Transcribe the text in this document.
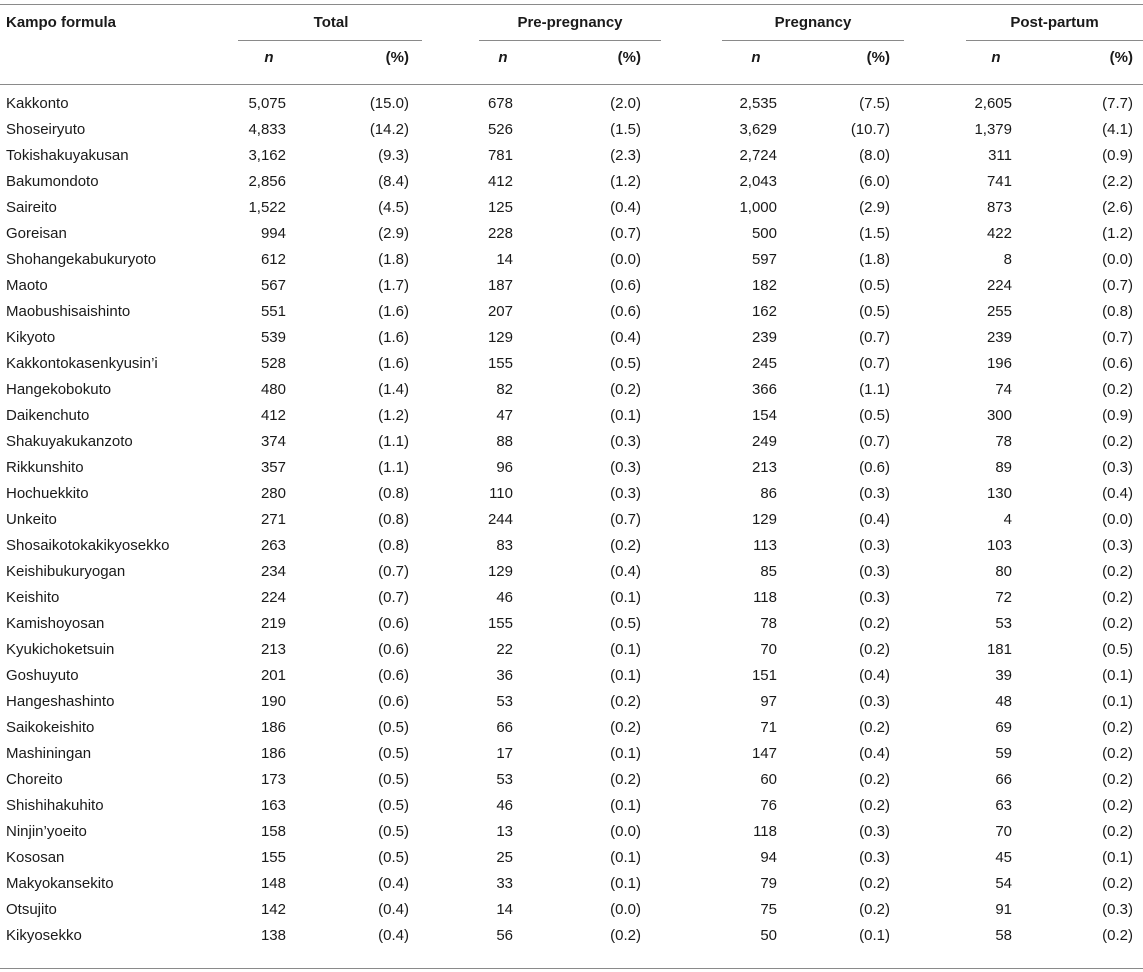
Kampo formula	Total	Pre-pregnancy	Pregnancy	Post-partum
n	(%)	n	(%)	n	(%)	n	(%)
Kakkonto	5,075	(15.0)	678	(2.0)	2,535	(7.5)	2,605	(7.7)
Shoseiryuto	4,833	(14.2)	526	(1.5)	3,629	(10.7)	1,379	(4.1)
Tokishakuyakusan	3,162	(9.3)	781	(2.3)	2,724	(8.0)	311	(0.9)
Bakumondoto	2,856	(8.4)	412	(1.2)	2,043	(6.0)	741	(2.2)
Saireito	1,522	(4.5)	125	(0.4)	1,000	(2.9)	873	(2.6)
Goreisan	994	(2.9)	228	(0.7)	500	(1.5)	422	(1.2)
Shohangekabukuryoto	612	(1.8)	14	(0.0)	597	(1.8)	8	(0.0)
Maoto	567	(1.7)	187	(0.6)	182	(0.5)	224	(0.7)
Maobushisaishinto	551	(1.6)	207	(0.6)	162	(0.5)	255	(0.8)
Kikyoto	539	(1.6)	129	(0.4)	239	(0.7)	239	(0.7)
Kakkontokasenkyusin’i	528	(1.6)	155	(0.5)	245	(0.7)	196	(0.6)
Hangekobokuto	480	(1.4)	82	(0.2)	366	(1.1)	74	(0.2)
Daikenchuto	412	(1.2)	47	(0.1)	154	(0.5)	300	(0.9)
Shakuyakukanzoto	374	(1.1)	88	(0.3)	249	(0.7)	78	(0.2)
Rikkunshito	357	(1.1)	96	(0.3)	213	(0.6)	89	(0.3)
Hochuekkito	280	(0.8)	110	(0.3)	86	(0.3)	130	(0.4)
Unkeito	271	(0.8)	244	(0.7)	129	(0.4)	4	(0.0)
Shosaikotokakikyosekko	263	(0.8)	83	(0.2)	113	(0.3)	103	(0.3)
Keishibukuryogan	234	(0.7)	129	(0.4)	85	(0.3)	80	(0.2)
Keishito	224	(0.7)	46	(0.1)	118	(0.3)	72	(0.2)
Kamishoyosan	219	(0.6)	155	(0.5)	78	(0.2)	53	(0.2)
Kyukichoketsuin	213	(0.6)	22	(0.1)	70	(0.2)	181	(0.5)
Goshuyuto	201	(0.6)	36	(0.1)	151	(0.4)	39	(0.1)
Hangeshashinto	190	(0.6)	53	(0.2)	97	(0.3)	48	(0.1)
Saikokeishito	186	(0.5)	66	(0.2)	71	(0.2)	69	(0.2)
Mashiningan	186	(0.5)	17	(0.1)	147	(0.4)	59	(0.2)
Choreito	173	(0.5)	53	(0.2)	60	(0.2)	66	(0.2)
Shishihakuhito	163	(0.5)	46	(0.1)	76	(0.2)	63	(0.2)
Ninjin’yoeito	158	(0.5)	13	(0.0)	118	(0.3)	70	(0.2)
Kososan	155	(0.5)	25	(0.1)	94	(0.3)	45	(0.1)
Makyokansekito	148	(0.4)	33	(0.1)	79	(0.2)	54	(0.2)
Otsujito	142	(0.4)	14	(0.0)	75	(0.2)	91	(0.3)
Kikyosekko	138	(0.4)	56	(0.2)	50	(0.1)	58	(0.2)
